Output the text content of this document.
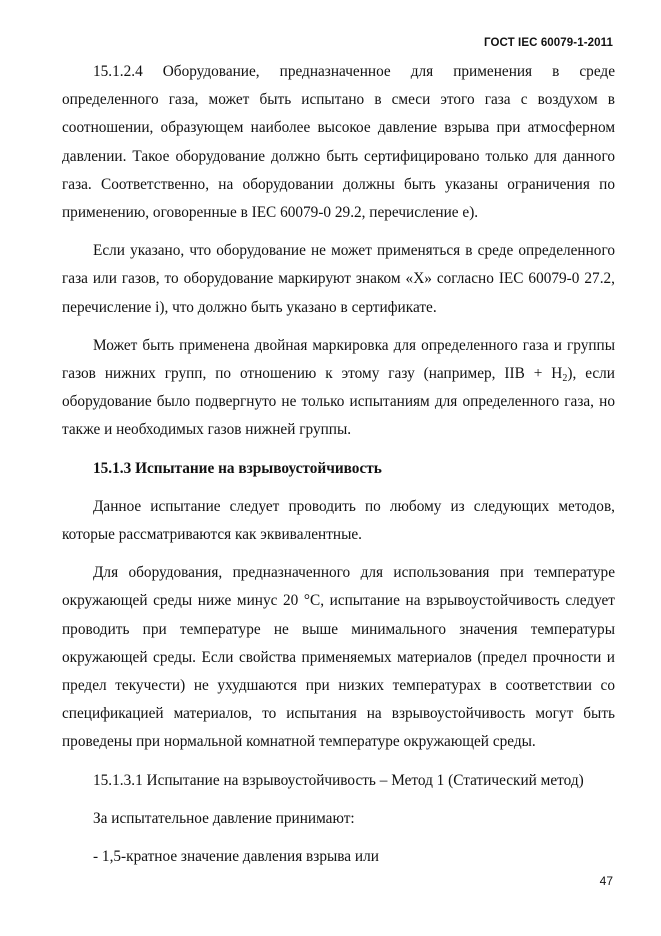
ГОСТ IEC 60079-1-2011

15.1.2.4 Оборудование, предназначенное для применения в среде определенного газа, может быть испытано в смеси этого газа с воздухом в соотношении, образующем наиболее высокое давление взрыва при атмосферном давлении. Такое оборудование должно быть сертифицировано только для данного газа. Соответственно, на оборудовании должны быть указаны ограничения по применению, оговоренные в IEC 60079-0 29.2, перечисление е).

Если указано, что оборудование не может применяться в среде определенного газа или газов, то оборудование маркируют знаком «X» согласно IEC 60079-0 27.2, перечисление i), что должно быть указано в сертификате.

Может быть применена двойная маркировка для определенного газа и группы газов нижних групп, по отношению к этому газу (например, IIB + $H_2$), если оборудование было подвергнуто не только испытаниям для определенного газа, но также и необходимых газов нижней группы.

15.1.3 Испытание на взрывоустойчивость

Данное испытание следует проводить по любому из следующих методов, которые рассматриваются как эквивалентные.

Для оборудования, предназначенного для использования при температуре окружающей среды ниже минус 20 °С, испытание на взрывоустойчивость следует проводить при температуре не выше минимального значения температуры окружающей среды. Если свойства применяемых материалов (предел прочности и предел текучести) не ухудшаются при низких температурах в соответствии со спецификацией материалов, то испытания на взрывоустойчивость могут быть проведены при нормальной комнатной температуре окружающей среды.

15.1.3.1 Испытание на взрывоустойчивость – Метод 1 (Статический метод)

За испытательное давление принимают:

- 1,5-кратное значение давления взрыва или

47
